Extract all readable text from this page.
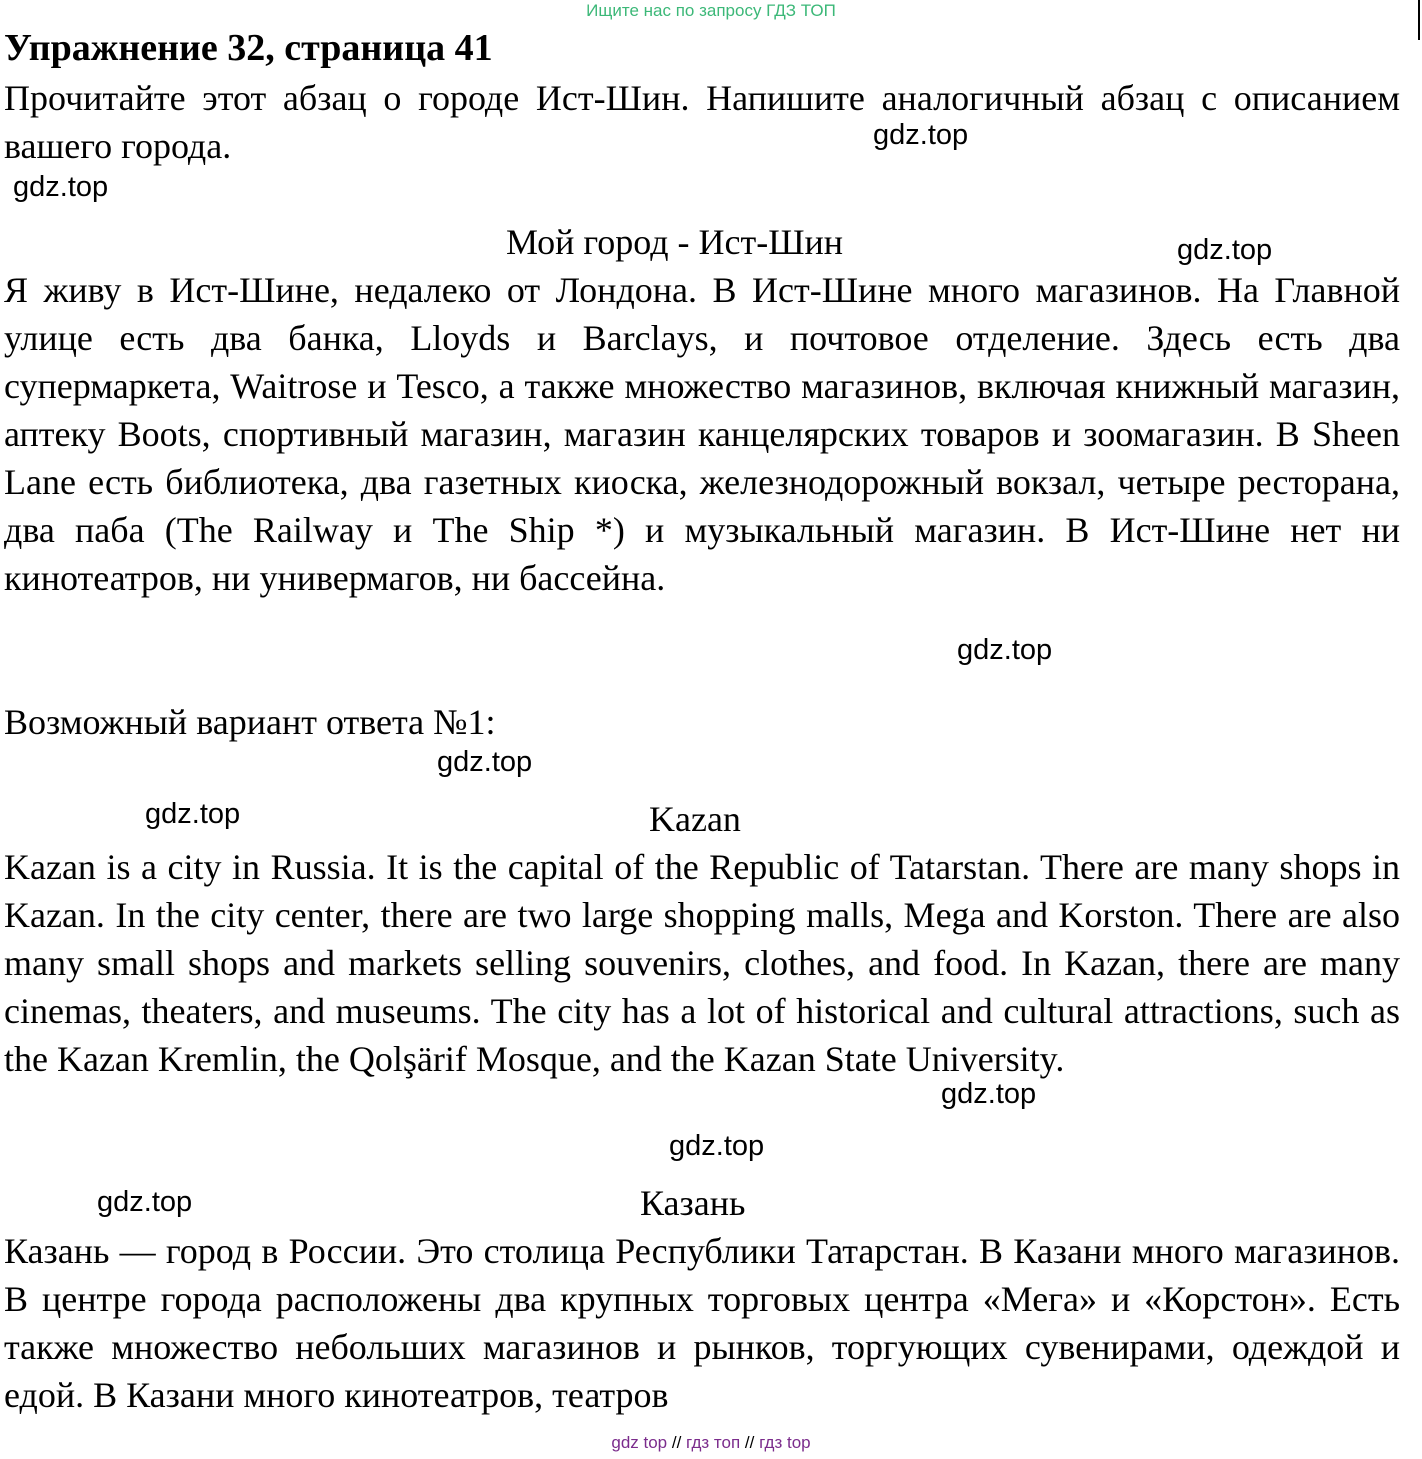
Ищите нас по запросу ГДЗ ТОП
Упражнение 32, страница 41
Прочитайте этот абзац о городе Ист-Шин. Напишите аналогичный абзац с описанием вашего города.
Мой город - Ист-Шин
Я живу в Ист-Шине, недалеко от Лондона. В Ист-Шине много магазинов. На Главной улице есть два банка, Lloyds и Barclays, и почтовое отделение. Здесь есть два супермаркета, Waitrose и Tesco, а также множество магазинов, включая книжный магазин, аптеку Boots, спортивный магазин, магазин канцелярских товаров и зоомагазин. В Sheen Lane есть библиотека, два газетных киоска, железнодорожный вокзал, четыре ресторана, два паба (The Railway и The Ship *) и музыкальный магазин. В Ист-Шине нет ни кинотеатров, ни универмагов, ни бассейна.
Возможный вариант ответа №1:
Kazan
Kazan is a city in Russia. It is the capital of the Republic of Tatarstan. There are many shops in Kazan. In the city center, there are two large shopping malls, Mega and Korston. There are also many small shops and markets selling souvenirs, clothes, and food. In Kazan, there are many cinemas, theaters, and museums. The city has a lot of historical and cultural attractions, such as the Kazan Kremlin, the Qolşärif Mosque, and the Kazan State University.
Казань
Казань — город в России. Это столица Республики Татарстан. В Казани много магазинов. В центре города расположены два крупных торговых центра «Мега» и «Корстон». Есть также множество небольших магазинов и рынков, торгующих сувенирами, одеждой и едой. В Казани много кинотеатров, театров
gdz.top
gdz.top
gdz.top
gdz.top
gdz.top
gdz.top
gdz.top
gdz.top
gdz.top
gdz top // гдз топ // гдз top
